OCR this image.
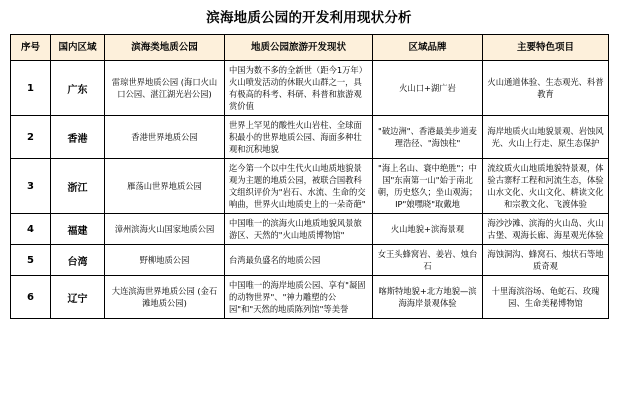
滨海地质公园的开发利用现状分析
序号	国内区域	滨海类地质公园	地质公园旅游开发现状	区域品牌	主要特色项目
1	广东	雷琼世界地质公园 (海口火山口公园、湛江湖光岩公园)	中国为数不多的全新世（距今1万年）火山喷发活动的休眠火山群之一，具有极高的科考、科研、科普和旅游观赏价值	火山口+湖广岩	火山通道体验、生态观光、科普教育
2	香港	香港世界地质公园	世界上罕见的酸性火山岩柱、全球面积最小的世界地质公园、海面多种壮观和沉积地貌	"破边洲"、香港最美步道麦理浩径、"海蚀柱"	海岸地质火山地貌景观、岩蚀风光、火山上行走、原生态保护
3	浙江	雁荡山世界地质公园	迄今第一个以中生代火山地质地貌景观为主题的地质公园，被联合国教科文组织评价为"岩石、水流、生命的交响曲，世界火山地质史上的一朵奇葩"	"海上名山、寰中绝胜"；中国"东南第一山"始于南北朝，历史悠久；坐山观海；IP"娘嘿晓"取戴地	流纹质火山地质地貌特景观，体验古寨籽工程和河流生态，体验山水文化、火山文化、耕读文化和宗教文化、飞渡体验
4	福建	漳州滨海火山国家地质公园	中国唯一的滨海火山地质地貌风景旅游区、天然的"火山地质博物馆"	火山地貌+滨海景观	海沙沙滩、滨海的火山岛、火山古堡、观海长廊、海星观光体验
5	台湾	野柳地质公园	台湾最负盛名的地质公园	女王头蜂窝岩、姜岩、烛台石	海蚀洞沟、蜂窝石、烛状石等地质奇观
6	辽宁	大连滨海世界地质公园 (金石滩地质公园)	中国唯一的海岸地质公园、享有"凝固的动物世界"、"神力雕塑的公园"和"天然的地质陈列馆"等美誉	喀斯特地貌+北方地貌—滨海海岸景观体验	十里海滨浴场、龟蛇石、玫瑰园、生命美秘博物馆
